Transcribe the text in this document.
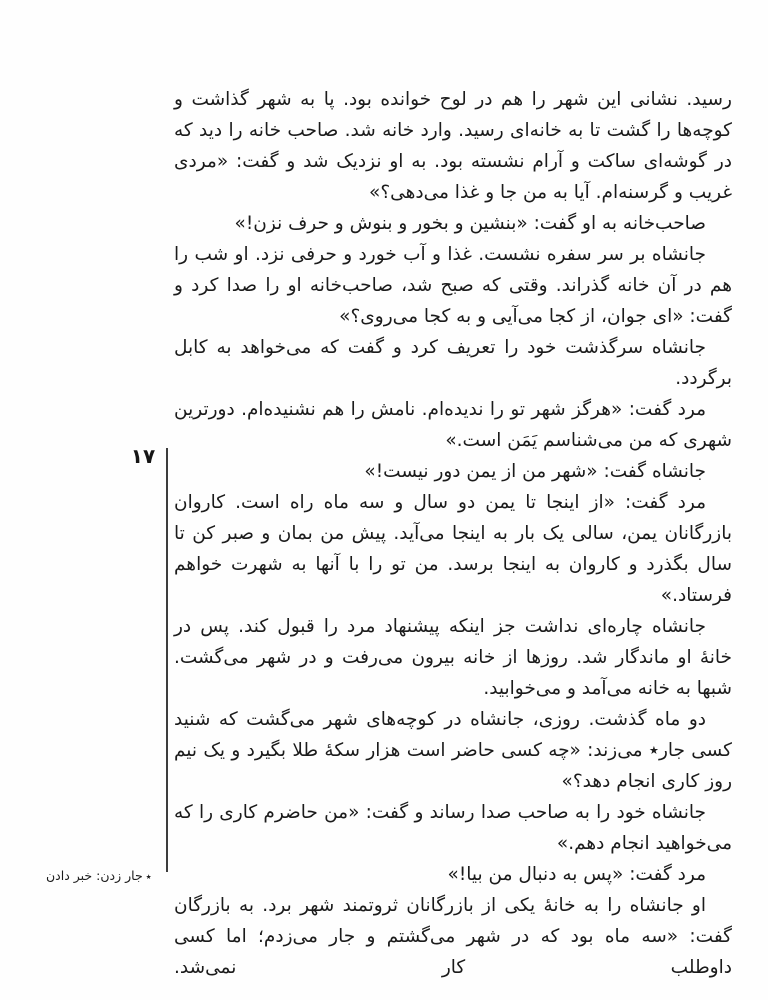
رسید. نشانی این شهر را هم در لوح خوانده بود. پا به شهر گذاشت و کوچه‌ها را گشت تا به خانه‌ای رسید. وارد خانه شد. صاحب خانه را دید که در گوشه‌ای ساکت و آرام نشسته بود. به او نزدیک شد و گفت: «مردی غریب و گرسنه‌ام. آیا به من جا و غذا می‌دهی؟»

صاحب‌خانه به او گفت: «بنشین و بخور و بنوش و حرف نزن!»

جانشاه بر سر سفره نشست. غذا و آب خورد و حرفی نزد. او شب را هم در آن خانه گذراند. وقتی که صبح شد، صاحب‌خانه او را صدا کرد و گفت: «ای جوان، از کجا می‌آیی و به کجا می‌روی؟»

جانشاه سرگذشت خود را تعریف کرد و گفت که می‌خواهد به کابل برگردد.

مرد گفت: «هرگز شهر تو را ندیده‌ام. نامش را هم نشنیده‌ام. دورترین شهری که من می‌شناسم یَمَن است.»

جانشاه گفت: «شهر من از یمن دور نیست!»

مرد گفت: «از اینجا تا یمن دو سال و سه ماه راه است. کاروان بازرگانان یمن، سالی یک بار به اینجا می‌آید. پیش من بمان و صبر کن تا سال بگذرد و کاروان به اینجا برسد. من تو را با آنها به شهرت خواهم فرستاد.»

جانشاه چاره‌ای نداشت جز اینکه پیشنهاد مرد را قبول کند. پس در خانهٔ او ماندگار شد. روزها از خانه بیرون می‌رفت و در شهر می‌گشت. شبها به خانه می‌آمد و می‌خوابید.

دو ماه گذشت. روزی، جانشاه در کوچه‌های شهر می‌گشت که شنید کسی جار٭ می‌زند: «چه کسی حاضر است هزار سکهٔ طلا بگیرد و یک نیم روز کاری انجام دهد؟»

جانشاه خود را به صاحب صدا رساند و گفت: «من حاضرم کاری را که می‌خواهید انجام دهم.»

مرد گفت: «پس به دنبال من بیا!»

او جانشاه را به خانهٔ یکی از بازرگانان ثروتمند شهر برد. به بازرگان گفت: «سه ماه بود که در شهر می‌گشتم و جار می‌زدم؛ اما کسی داوطلب کار نمی‌شد.

۱۷
٭جار زدن: خبر دادن
